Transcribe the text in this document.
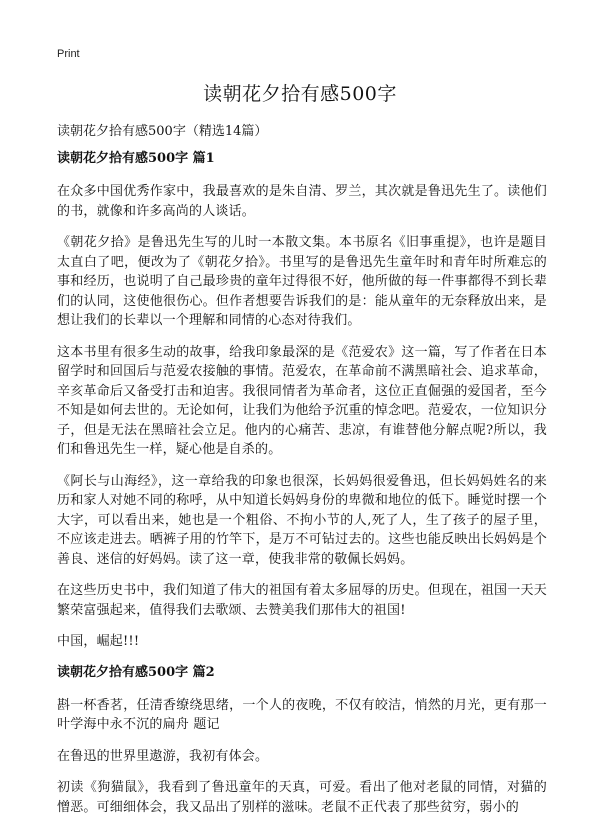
Print
读朝花夕拾有感500字
读朝花夕拾有感500字（精选14篇）
读朝花夕拾有感500字 篇1

在众多中国优秀作家中，我最喜欢的是朱自清、罗兰，其次就是鲁迅先生了。读他们的书，就像和许多高尚的人谈话。

《朝花夕拾》是鲁迅先生写的儿时一本散文集。本书原名《旧事重提》，也许是题目太直白了吧，便改为了《朝花夕拾》。书里写的是鲁迅先生童年时和青年时所难忘的事和经历，也说明了自己最珍贵的童年过得很不好，他所做的每一件事都得不到长辈们的认同，这使他很伤心。但作者想要告诉我们的是：能从童年的无奈释放出来，是想让我们的长辈以一个理解和同情的心态对待我们。

这本书里有很多生动的故事，给我印象最深的是《范爱农》这一篇，写了作者在日本留学时和回国后与范爱农接触的事情。范爱农，在革命前不满黑暗社会、追求革命，辛亥革命后又备受打击和迫害。我很同情者为革命者，这位正直倔强的爱国者，至今不知是如何去世的。无论如何，让我们为他给予沉重的悼念吧。范爱农，一位知识分子，但是无法在黑暗社会立足。他内的心痛苦、悲凉，有谁替他分解点呢?所以，我们和鲁迅先生一样，疑心他是自杀的。

《阿长与山海经》，这一章给我的印象也很深，长妈妈很爱鲁迅，但长妈妈姓名的来历和家人对她不同的称呼，从中知道长妈妈身份的卑微和地位的低下。睡觉时摆一个大字，可以看出来，她也是一个粗俗、不拘小节的人,死了人，生了孩子的屋子里，不应该走进去。晒裤子用的竹竿下，是万不可钻过去的。这些也能反映出长妈妈是个善良、迷信的好妈妈。读了这一章，使我非常的敬佩长妈妈。

在这些历史书中，我们知道了伟大的祖国有着太多屈辱的历史。但现在，祖国一天天繁荣富强起来，值得我们去歌颂、去赞美我们那伟大的祖国!

中国，崛起!!!

读朝花夕拾有感500字 篇2

斟一杯香茗，任清香缭绕思绪，一个人的夜晚，不仅有皎洁，悄然的月光，更有那一叶学海中永不沉的扁舟 题记

在鲁迅的世界里遨游，我初有体会。

初读《狗猫鼠》，我看到了鲁迅童年的天真，可爱。看出了他对老鼠的同情，对猫的憎恶。可细细体会，我又品出了别样的滋味。老鼠不正代表了那些贫穷，弱小的
